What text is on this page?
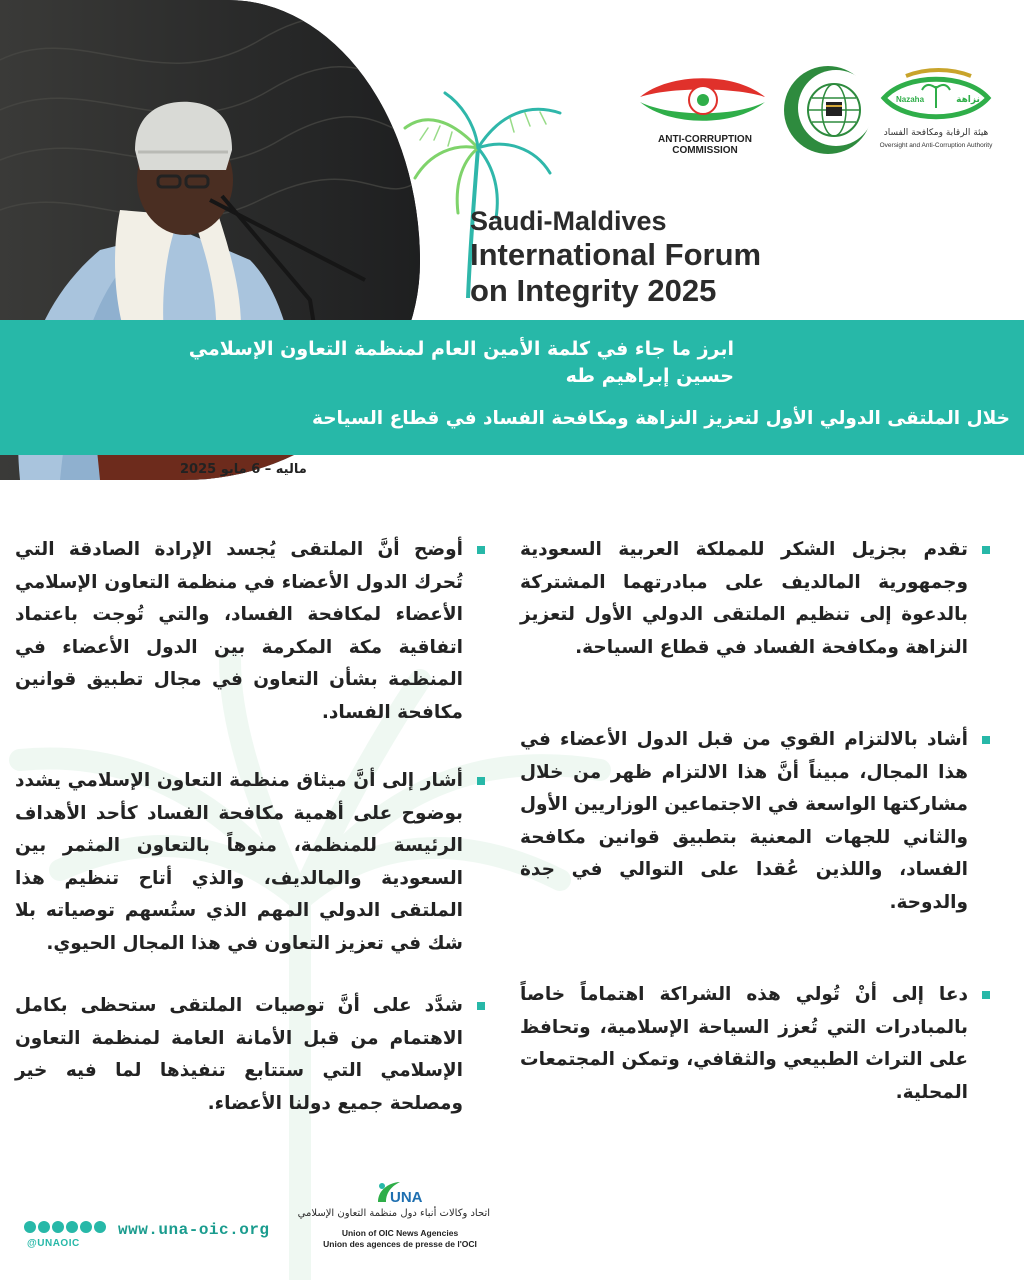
Saudi-Maldives
International Forum
on Integrity 2025
ANTI-CORRUPTION COMMISSION
Nazaha	نزاهة
هيئة الرقابة ومكافحة الفساد
Oversight and Anti-Corruption Authority
ابرز ما جاء في كلمة الأمين العام لمنظمة التعاون الإسلامي
حسين إبراهيم طه
خلال الملتقى الدولي الأول لتعزيز النزاهة ومكافحة الفساد في قطاع السياحة
ماليه – 6 مايو 2025
تقدم بجزيل الشكر للمملكة العربية السعودية وجمهورية المالديف على مبادرتهما المشتركة بالدعوة إلى تنظيم الملتقى الدولي الأول لتعزيز النزاهة ومكافحة الفساد في قطاع السياحة.
أشاد بالالتزام القوي من قبل الدول الأعضاء في هذا المجال، مبيناً أنَّ هذا الالتزام ظهر من خلال مشاركتها الواسعة في الاجتماعين الوزاريين الأول والثاني للجهات المعنية بتطبيق قوانين مكافحة الفساد، واللذين عُقدا على التوالي في جدة والدوحة.
دعا إلى أنْ تُولي هذه الشراكة اهتماماً خاصاً بالمبادرات التي تُعزز السياحة الإسلامية، وتحافظ على التراث الطبيعي والثقافي، وتمكن المجتمعات المحلية.
أوضح أنَّ الملتقى يُجسد الإرادة الصادقة التي تُحرك الدول الأعضاء في منظمة التعاون الإسلامي الأعضاء لمكافحة الفساد، والتي تُوجت باعتماد اتفاقية مكة المكرمة بين الدول الأعضاء في المنظمة بشأن التعاون في مجال تطبيق قوانين مكافحة الفساد.
أشار إلى أنَّ ميثاق منظمة التعاون الإسلامي يشدد بوضوح على أهمية مكافحة الفساد كأحد الأهداف الرئيسة للمنظمة، منوهاً بالتعاون المثمر بين السعودية والمالديف، والذي أتاح تنظيم هذا الملتقى الدولي المهم الذي ستُسهم توصياته بلا شك في تعزيز التعاون في هذا المجال الحيوي.
شدَّد على أنَّ توصيات الملتقى ستحظى بكامل الاهتمام من قبل الأمانة العامة لمنظمة التعاون الإسلامي التي ستتابع تنفيذها لما فيه خير ومصلحة جميع دولنا الأعضاء.
@UNAOIC
www.una-oic.org
UNA
اتحاد وكالات أنباء دول منظمة التعاون الإسلامي
Union of OIC News Agencies
Union des agences de presse de l'OCI
